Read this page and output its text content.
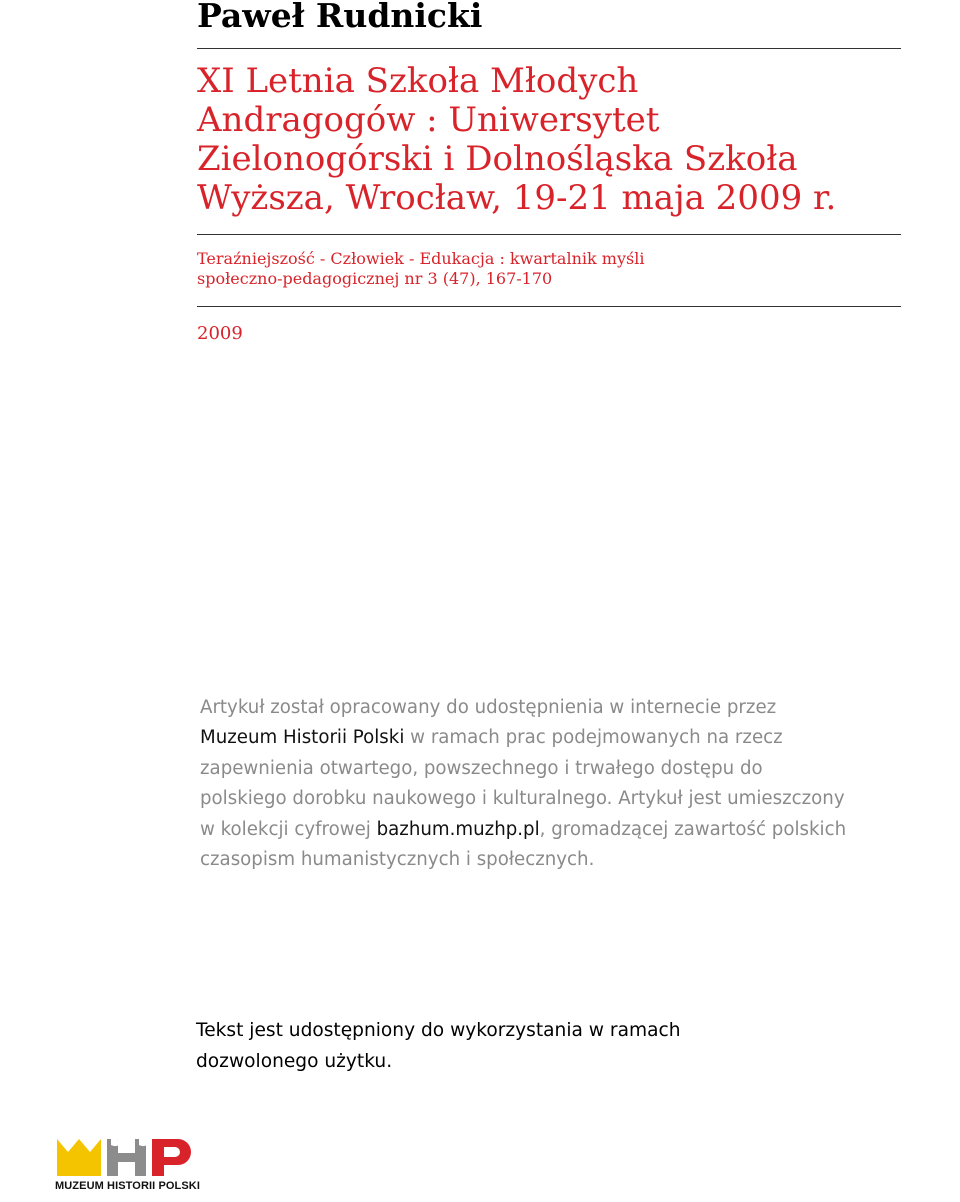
Paweł Rudnicki
XI Letnia Szkoła Młodych
Andragogów : Uniwersytet
Zielonogórski i Dolnośląska Szkoła
Wyższa, Wrocław, 19-21 maja 2009 r.

Teraźniejszość - Człowiek - Edukacja : kwartalnik myśli
społeczno-pedagogicznej nr 3 (47), 167-170

2009

Artykuł został opracowany do udostępnienia w internecie przez
Muzeum Historii Polski w ramach prac podejmowanych na rzecz
zapewnienia otwartego, powszechnego i trwałego dostępu do
polskiego dorobku naukowego i kulturalnego. Artykuł jest umieszczony
w kolekcji cyfrowej bazhum.muzhp.pl, gromadzącej zawartość polskich
czasopism humanistycznych i społecznych.

Tekst jest udostępniony do wykorzystania w ramach
dozwolonego użytku.

MUZEUM HISTORII POLSKI
